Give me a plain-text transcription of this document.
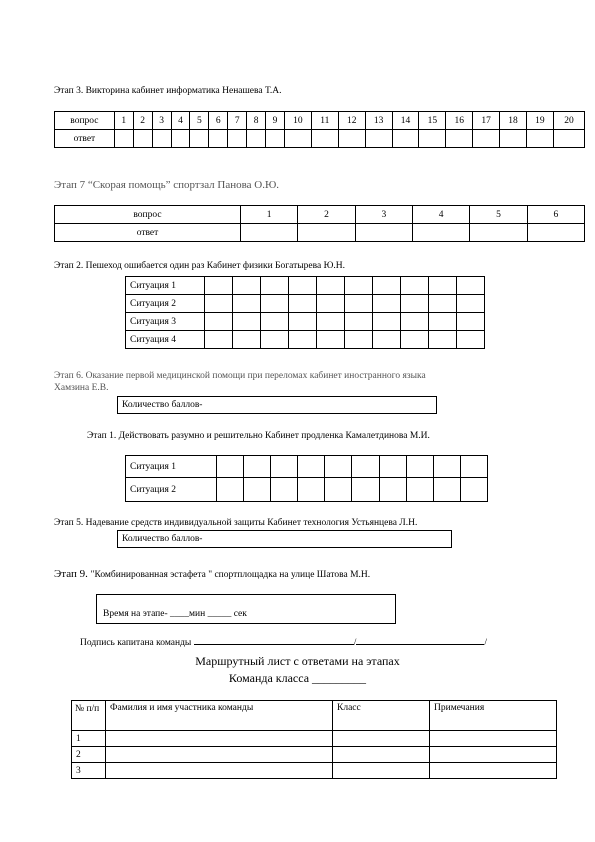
Этап 3. Викторина кабинет информатика Ненашева Т.А.
вопрос	1	2	3	4	5	6	7	8	9	10	11	12	13	14	15	16	17	18	19	20
ответ																				
Этап 7 “Скорая помощь” спортзал Панова О.Ю.
вопрос	1	2	3	4	5	6
ответ						
Этап 2. Пешеход ошибается один раз Кабинет физики Богатырева Ю.Н.
Ситуация 1										
Ситуация 2										
Ситуация 3										
Ситуация 4										
Этап 6. Оказание первой медицинской помощи при переломах кабинет иностранного языка
Хамзина Е.В.
Количество баллов-
Этап 1. Действовать разумно и решительно Кабинет продленка Камалетдинова М.И.
Ситуация 1										
Ситуация 2										
Этап 5. Надевание средств индивидуальной защиты Кабинет технология Устьянцева Л.Н.
Количество баллов-
Этап 9. "Комбинированная эстафета " спортплощадка на улице Шатова М.Н.
Время на этапе- ____мин _____ сек
Подпись капитана команды	/	/
Маршрутный лист с ответами на этапах
Команда класса _________
№ п/п	Фамилия и имя участника команды	Класс	Примечания
1			
2			
3			
